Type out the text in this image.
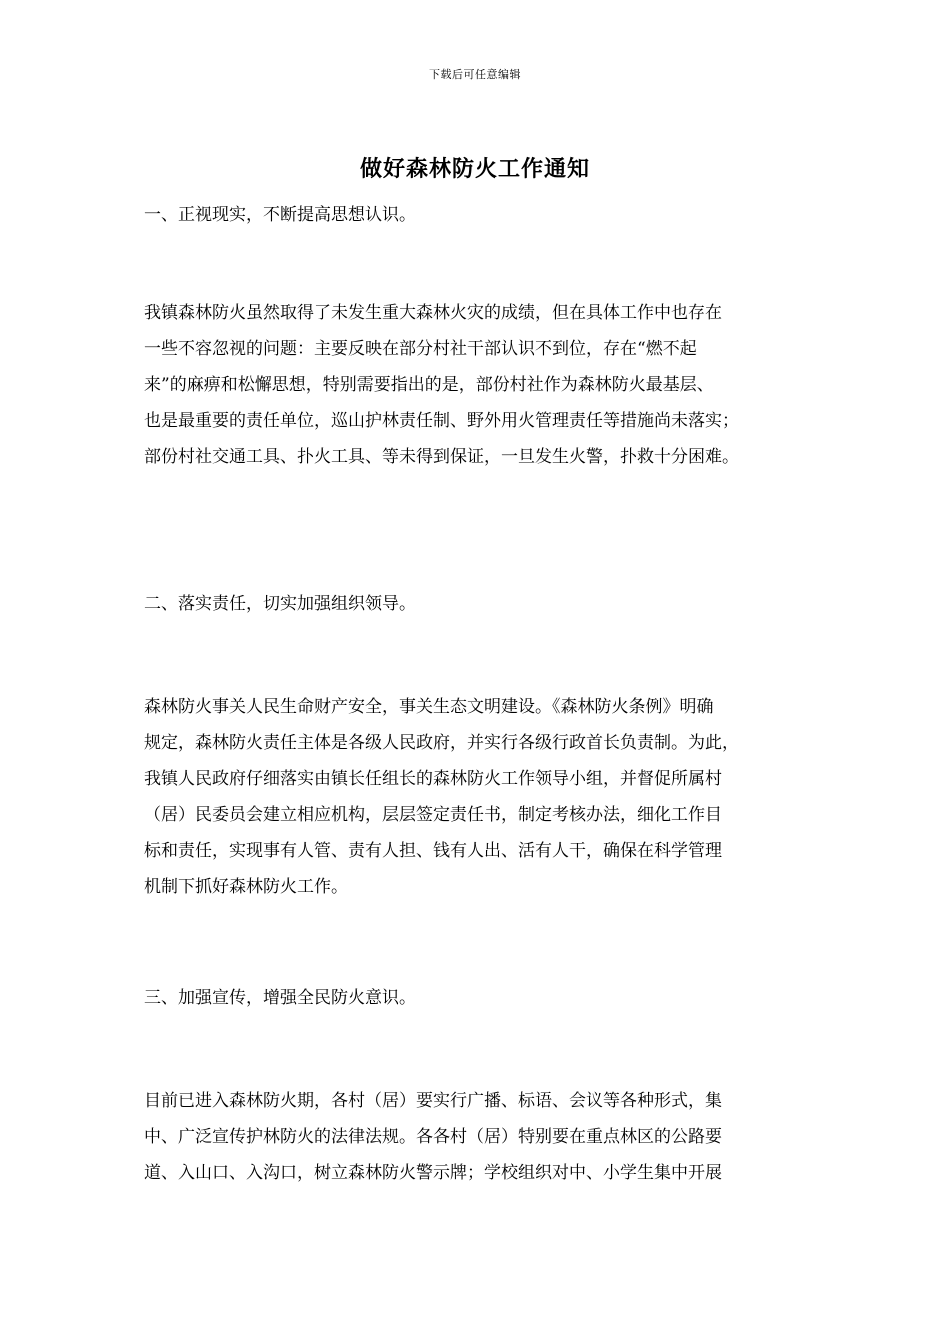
下载后可任意编辑
做好森林防火工作通知
一、正视现实，不断提高思想认识。

我镇森林防火虽然取得了未发生重大森林火灾的成绩，但在具体工作中也存在
一些不容忽视的问题：主要反映在部分村社干部认识不到位，存在“燃不起
来”的麻痹和松懈思想，特别需要指出的是，部份村社作为森林防火最基层、
也是最重要的责任单位，巡山护林责任制、野外用火管理责任等措施尚未落实；
部份村社交通工具、扑火工具、等未得到保证，一旦发生火警，扑救十分困难。

二、落实责任，切实加强组织领导。

森林防火事关人民生命财产安全，事关生态文明建设。《森林防火条例》明确
规定，森林防火责任主体是各级人民政府，并实行各级行政首长负责制。为此，
我镇人民政府仔细落实由镇长任组长的森林防火工作领导小组，并督促所属村
（居）民委员会建立相应机构，层层签定责任书，制定考核办法，细化工作目
标和责任，实现事有人管、责有人担、钱有人出、活有人干，确保在科学管理
机制下抓好森林防火工作。

三、加强宣传，增强全民防火意识。

目前已进入森林防火期，各村（居）要实行广播、标语、会议等各种形式，集
中、广泛宣传护林防火的法律法规。各各村（居）特别要在重点林区的公路要
道、入山口、入沟口，树立森林防火警示牌；学校组织对中、小学生集中开展
